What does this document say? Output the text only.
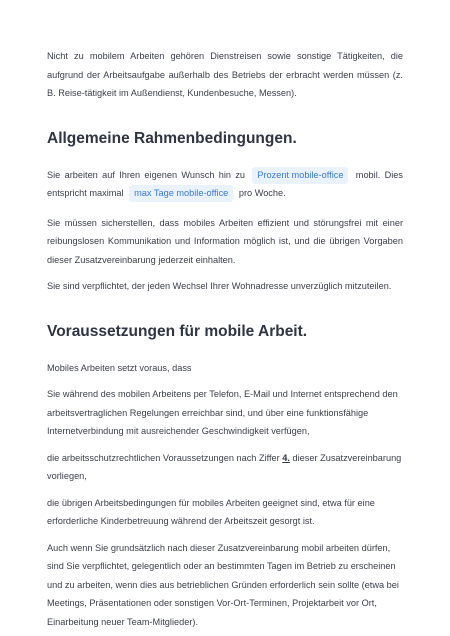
Nicht zu mobilem Arbeiten gehören Dienstreisen sowie sonstige Tätigkeiten, die aufgrund der Arbeitsaufgabe außerhalb des Betriebs der erbracht werden müssen (z. B. Reise-tätigkeit im Außendienst, Kundenbesuche, Messen).

Allgemeine Rahmenbedingungen.

Sie arbeiten auf Ihren eigenen Wunsch hin zu Prozent mobile-office mobil. Dies entspricht maximal max Tage mobile-office pro Woche.

Sie müssen sicherstellen, dass mobiles Arbeiten effizient und störungsfrei mit einer reibungslosen Kommunikation und Information möglich ist, und die übrigen Vorgaben dieser Zusatzvereinbarung jederzeit einhalten.

Sie sind verpflichtet, der jeden Wechsel Ihrer Wohnadresse unverzüglich mitzuteilen.

Voraussetzungen für mobile Arbeit.

Mobiles Arbeiten setzt voraus, dass

Sie während des mobilen Arbeitens per Telefon, E-Mail und Internet entsprechend den arbeitsvertraglichen Regelungen erreichbar sind, und über eine funktionsfähige Internetverbindung mit ausreichender Geschwindigkeit verfügen,

die arbeitsschutzrechtlichen Voraussetzungen nach Ziffer 4. dieser Zusatzvereinbarung vorliegen,

die übrigen Arbeitsbedingungen für mobiles Arbeiten geeignet sind, etwa für eine erforderliche Kinderbetreuung während der Arbeitszeit gesorgt ist.

Auch wenn Sie grundsätzlich nach dieser Zusatzvereinbarung mobil arbeiten dürfen, sind Sie verpflichtet, gelegentlich oder an bestimmten Tagen im Betrieb zu erscheinen und zu arbeiten, wenn dies aus betrieblichen Gründen erforderlich sein sollte (etwa bei Meetings, Präsentationen oder sonstigen Vor-Ort-Terminen, Projektarbeit vor Ort, Einarbeitung neuer Team-Mitglieder).
